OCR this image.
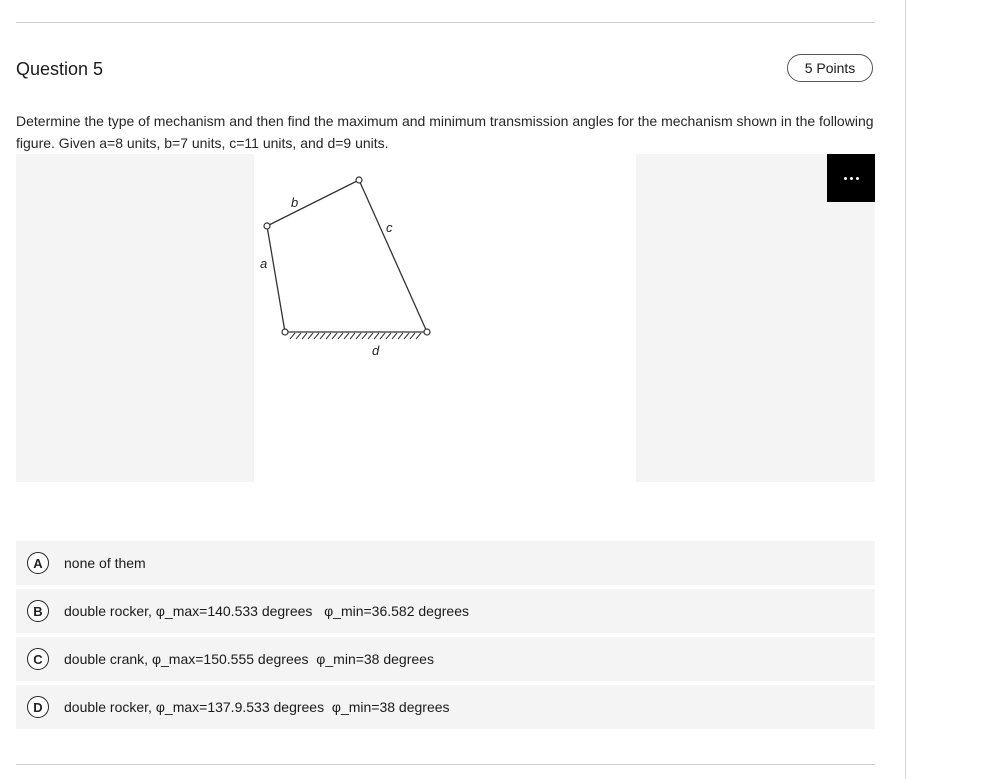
Question 5	5 Points
Determine the type of mechanism and then find the maximum and minimum transmission angles for the mechanism shown in the following figure. Given a=8 units, b=7 units, c=11 units, and d=9 units.
a
b
c
d
A	none of them
B	double rocker, φ_max=140.533 degrees   φ_min=36.582 degrees
C	double crank, φ_max=150.555 degrees  φ_min=38 degrees
D	double rocker, φ_max=137.9.533 degrees  φ_min=38 degrees
